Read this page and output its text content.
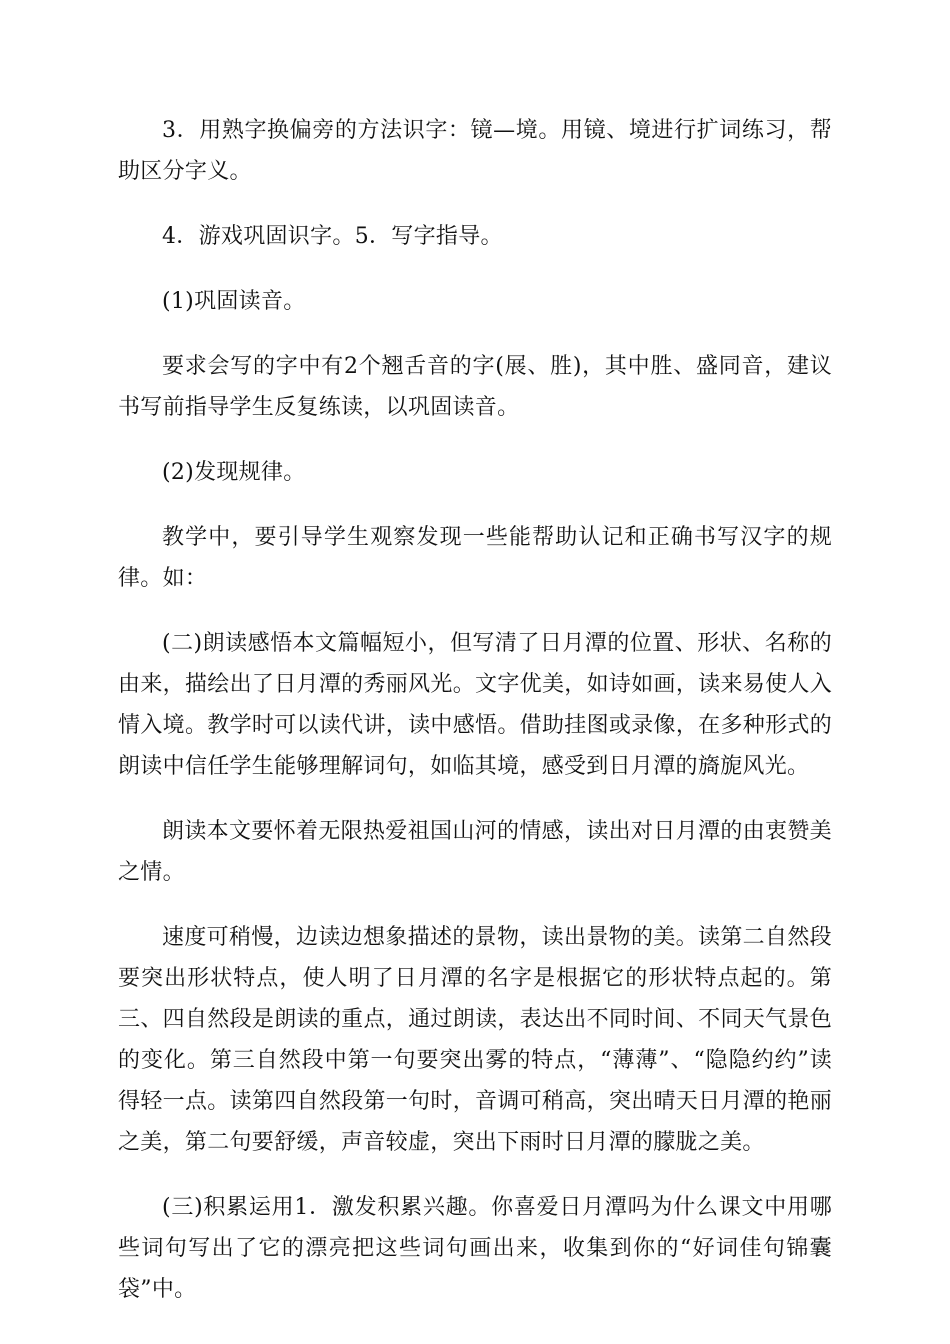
3．用熟字换偏旁的方法识字：镜—境。用镜、境进行扩词练习，帮助区分字义。

4．游戏巩固识字。5．写字指导。

(1)巩固读音。

要求会写的字中有2个翘舌音的字(展、胜)，其中胜、盛同音，建议书写前指导学生反复练读，以巩固读音。

(2)发现规律。

教学中，要引导学生观察发现一些能帮助认记和正确书写汉字的规律。如：

(二)朗读感悟本文篇幅短小，但写清了日月潭的位置、形状、名称的由来，描绘出了日月潭的秀丽风光。文字优美，如诗如画，读来易使人入情入境。教学时可以读代讲，读中感悟。借助挂图或录像，在多种形式的朗读中信任学生能够理解词句，如临其境，感受到日月潭的旖旎风光。

朗读本文要怀着无限热爱祖国山河的情感，读出对日月潭的由衷赞美之情。

速度可稍慢，边读边想象描述的景物，读出景物的美。读第二自然段要突出形状特点，使人明了日月潭的名字是根据它的形状特点起的。第三、四自然段是朗读的重点，通过朗读，表达出不同时间、不同天气景色的变化。第三自然段中第一句要突出雾的特点，“薄薄”、“隐隐约约”读得轻一点。读第四自然段第一句时，音调可稍高，突出晴天日月潭的艳丽之美，第二句要舒缓，声音较虚，突出下雨时日月潭的朦胧之美。

(三)积累运用1．激发积累兴趣。你喜爱日月潭吗为什么课文中用哪些词句写出了它的漂亮把这些词句画出来，收集到你的“好词佳句锦囊袋”中。
